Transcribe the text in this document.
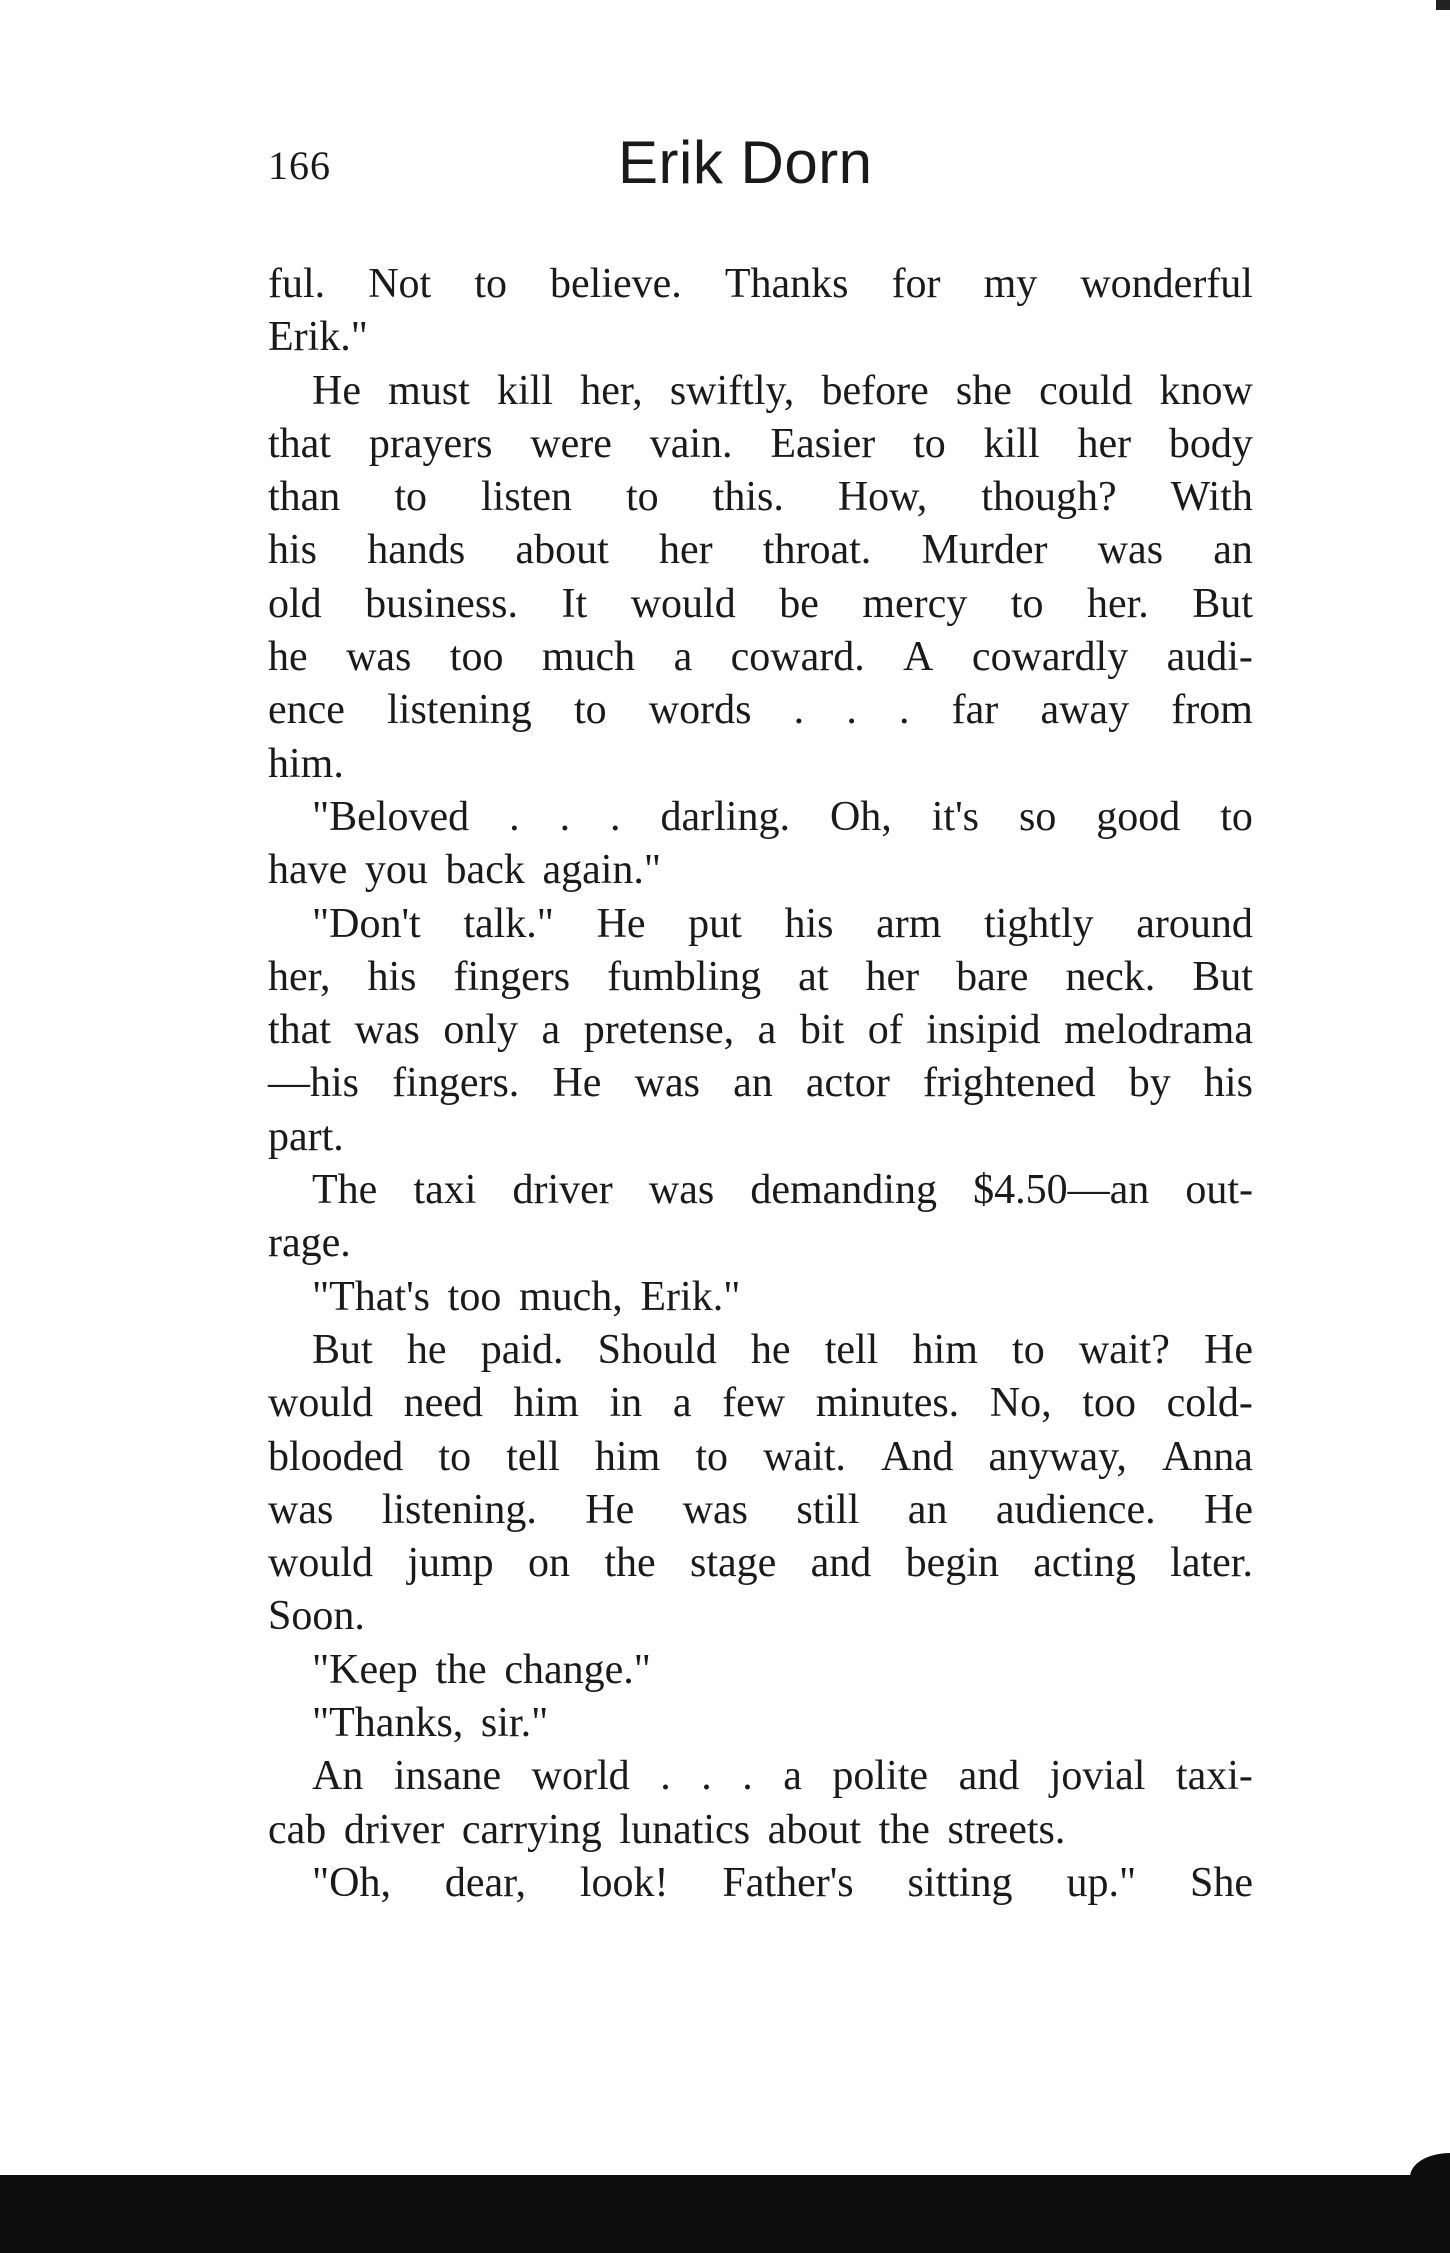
166	Erik Dorn
ful. Not to believe. Thanks for my wonderful
Erik."
He must kill her, swiftly, before she could know
that prayers were vain. Easier to kill her body
than to listen to this. How, though? With
his hands about her throat. Murder was an
old business. It would be mercy to her. But
he was too much a coward. A cowardly audi-
ence listening to words . . . far away from
him.
"Beloved . . . darling. Oh, it's so good to
have you back again."
"Don't talk." He put his arm tightly around
her, his fingers fumbling at her bare neck. But
that was only a pretense, a bit of insipid melodrama
—his fingers. He was an actor frightened by his
part.
The taxi driver was demanding $4.50—an out-
rage.
"That's too much, Erik."
But he paid. Should he tell him to wait? He
would need him in a few minutes. No, too cold-
blooded to tell him to wait. And anyway, Anna
was listening. He was still an audience. He
would jump on the stage and begin acting later.
Soon.
"Keep the change."
"Thanks, sir."
An insane world . . . a polite and jovial taxi-
cab driver carrying lunatics about the streets.
"Oh, dear, look! Father's sitting up." She
